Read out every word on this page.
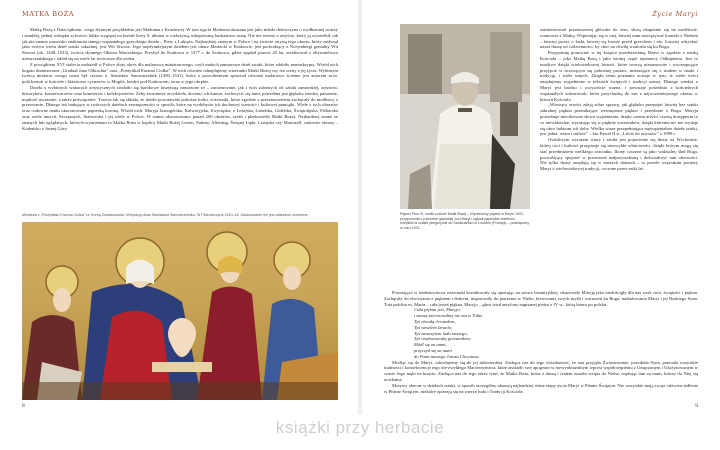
MATKA BOŻA

Matkę Bożą z Dzieciątkiem, czego słynnym przykładem jest Madonna z Kruzlowej. W tym ujęciu Madonna ukazana jest jako młoda dziewczyna o wydłużonej twarzy i smukłej, pełnej wdzięku sylwetce, lekko wygiętej na kształt litery S, ubrana w rozłożystą, udrapowaną baskadowo szatę. Nie nie wiemy o artyście, który ją wyrzeźbił, tak jak nie znamy nazwisko znakomita innego wspaniałego gotyckiego dzieła – Piety z Lubiąża. Najbardziej znanym w Polsce i na świecie artystą tego okresu, który zasłynął jako twórca wielu dzieł sztuki sakralnej, jest Wit Stwosz. Jego najsłynniejszym dziełem jest ołtarz Mariacki w Krakowie, jest pochodzący z Norymbergi genialny Wit Stwosz (ok. 1448–1533), twórca słynnego Ołtarza Mariackiego. Przybył do Krakowa w 1477 r. do Krakowa, gdzie spędził prawie 20 lat, zrealizował z obywatelstwa mieszczańskiego i oddał się na wiele lat twórczym dla wieku.

Z początkiem XVI stulecia nadszedł w Polsce złoty okres dla malarstwa miniaturowego, czyli małych zamiarowe dzieł sztuki, które zdobiły manuskrypty. Wśród nich bogato iluminowane „Graduał Jana Olbrachta” oraz „Pontyfikał Erazma Ciołka”. W nich również odnajdujemy wizerunki Matki Bożej czy też sceny z jej życia. Wybitnym twórcą miniatur owego czasu był czyżon o. Stanisław Samostrzelnik (1490–1541), który z powodzeniem sprawiał również malarstwo ścienne jest autorem m.in. polichromii w kościele i klasztorze cystersów w Mogile, kiedyś pod Krakowem, teraz w jego obrębie.

Dzieła o wybitnych wakacach artystycznych zrodziło się barokowe faszynują zanurzone ze – zaróżnowane, jak i tych zależnych od sztuki zamorskiej, artystów, historyków, konserwatorów oraz koneserów i kolekcjonerów. Żeby zrozumieć arcydzieła, docenić ich kunszt, zachwycić się nimi, potrzebna jest głęboka wiedza, patrzenie, mądrość uważanie, a także poświęcenie. Trzecia tak się składa, że dzieło powstawało pobożne kultu, wizerunki, które zgodnie z przeznaczeniem zachęcały do modlitwy o przezwanie. Dlatego też budujące w twórczych dziełach zewnętrzności w sposób, które na wydobycie ich duchowej wartości i kultowej pamiątki. Wiele z tych obrazów oraz cudowne matki ukoronowane papieską koroną. Wśród nich: Maryja Jasnogórska, Kalwaryjska, Zwycięska, z Leżajska, Lubelska, Gidelska, Świętolipska, Piekarska oraz wiele innych, Szczęsnych, Sianowska i jej wiele w Polsce. W sumie ukoronowano ponad 200 obrazów, rzeźb i płaskorzeźb Matki Bożej. Najbardziej znane ze znanych lub oglądanych, których wymieniam to Matka Boża w kaplicy Matki Bożej Loreto, Fatimy, Altötting, Świętej Lipki, Leżajska czy Mariazell, cudowne obrazy – Kodeńsko z Jasnej Góry.

Miniatura z „Pontyfikału Erazma Ciołka” ze Sceną Zwiastowania i Wizytacją dłuta Stanisława Samostrzelnika. Ta Piotrowiczyna 1510–15. Zwiastowanie nie jest dokładnie określone.
8
Życie Maryi
Papież Pius XI, wielki czciciel Matki Bożej – Wyniesiony papież w Rzym 1922, przypomniał o potrzebie głębokiej czci Maryi i ogłosił papieskie obietnice, encykliki w czasie pielgrzymki do Sanktuarium w Lourdes (Francja) – poświęcony w roku 1931.

zainteresowań przenoszonej głównie do seru, służą okupienie się na modlitwie, rozmowie z Matką. Wspierając się w niej, łatwiej nam nawiązywać kontakt z Niebem – łatwiej prosić o łaski, łatwiej się bronić przed grzechem i zło. Łatwiej odzyskać nasza duszę od codzienności, by choć na chwilę wzniosła się ku Bogu.

Przypomnę ponownie w tej książce przedstawianą Maryi w zgodzie z nauką Kościoła – jako Matkę Bożą i jako istotną część tajemnicy Odkupienia. Jest to możliwe dzięki wielowiekowej historii, które tworzą niesamowite i wyczerpujące przyjęcie w tworzącym się pobożnej postaci, mieszające się z trudem w nauki i tradycję, i wiele innych. Dzięki temu poznanie zostaje w tym, iż wiele treści znajdujemy wypełnione w tekstach świętych i tradycji ustnej. Dlatego wiedza o Maryi jest bardzo i oczywiście ważna, i powstaje pośrednio z kościelnych wspaniałych wskazówek, które przychodzą do nas z najwcześniejszego okresu w historii Kościoła.

„Wierzący artyści zdają sobie sprawę, jak głęboko przepajać łatwiej bez sztuki sakralnej piękno przenikające wewnętrzne piękno i przesłanie o Bogu. Maryja potrzebuje nieodzowne słowa wyjaśnienia, dzięki czemu artyści czynią dostępnym to co niewidzialne, wyrażając się w pięknie wizerunków, dzięki któremu nic nie wydaje się obce ludziom ich doby. Wielka wiara przepełniająca najwspanialsze dzieła sztuki, jest jedna, wiara i miłość” – Jan Paweł II w „Liście do artystów” z 1999 r.

Osobliwym wyrazem wiary i sztuki jest pojawienie się ikony na Wschodzie, której czci i kultowi przypisuje się niezwykłe właściwości, dzięki którym mogą się stać przedmiotem wielkiego szacunku. Ikony czczone są jako widzialny ślad Boga, pozwalający spojrzeć w przestrzeń nadprzyrodzoną i doświadczyć tam obecności. Nie tylko ikony znajdują się w naszych domach – to przede wszystkim portrety Maryi o wielowiekowej tradycji, czczone przez setki lat.

Powstające w średniowieczu wizerunki kształtowały się opierając na sztuce bizantyjskiej, ukazywały Maryję jako niedościgły dla nas wzór cnót, świętości i piękna. Zachęcały do obcowania z pięknem i dobrem, inspirowały do patrzenia w Niebo, kierowania swych myśli i wzruszeń ku Bogu, naśladowania Maryi i jej Boskiego Syna. Tota pulchra es, Maria – cała jesteś piękna, Maryjo – głosi tytuł antyfony napisanej pieśni z IV w., którą brzmi po polsku:

Cała piękna jest, Maryjo,
i zmazy pierworodnej nie ma w Tobie.
Tyś chwałą Jeruzalem,
Tyś weselem Izraela,
Tyś zaszczytem ludu naszego,
Tyś orędowniczką grzeszników.
Módl się za nami,
przyczyń się za nami
do Pana naszego Jezusa Chrystusa.

Modląc się do Maryi, odwołujemy się do jej miłosierdzia. Zachęca nas do tego świadomość, że ona przyjęła Zwiastowanie, porodziła Syna, ponosiła wszystkie trudności i konsekwencje tego nie-zwykłego Macierzyństwa, które znalazło swe apogeum w niewyobrażalnym wprost współcierpieniu z Umęczonym i Ukrzyżowanym w czasie Jego męki na krzyżu. Zachęca nas do tego także tytuł, że Matka Boża, która z duszą i ciałem została wzięta do Nieba, orędując tam za nami, którzy do Niej się uciekamy.

Motywy obecne w dziełach sztuki, w sposób szczególny ukazują najbardziej różne etapy życia Maryi w Piśmie Świętym. Nie wszystkie mają swoje odzwierciedlenie w Piśmie Świętym, niektóre opierają się na wierze ludu i Tradycji Kościoła.

9
książki przy herbacie
